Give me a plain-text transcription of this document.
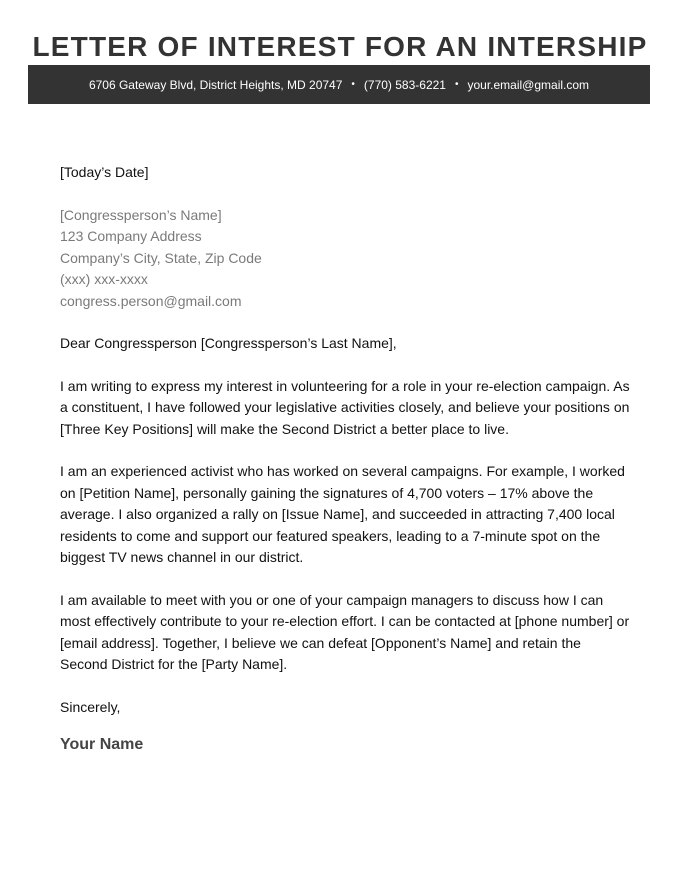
LETTER OF INTEREST FOR AN INTERSHIP
6706 Gateway Blvd, District Heights, MD 20747 • (770) 583-6221 • your.email@gmail.com
[Today’s Date]
[Congressperson’s Name]
123 Company Address
Company’s City, State, Zip Code
(xxx) xxx-xxxx
congress.person@gmail.com
Dear Congressperson [Congressperson’s Last Name],
I am writing to express my interest in volunteering for a role in your re-election campaign. As a constituent, I have followed your legislative activities closely, and believe your positions on [Three Key Positions] will make the Second District a better place to live.
I am an experienced activist who has worked on several campaigns. For example, I worked on [Petition Name], personally gaining the signatures of 4,700 voters – 17% above the average. I also organized a rally on [Issue Name], and succeeded in attracting 7,400 local residents to come and support our featured speakers, leading to a 7-minute spot on the biggest TV news channel in our district.
I am available to meet with you or one of your campaign managers to discuss how I can most effectively contribute to your re-election effort. I can be contacted at [phone number] or [email address]. Together, I believe we can defeat [Opponent’s Name] and retain the Second District for the [Party Name].
Sincerely,
Your Name
